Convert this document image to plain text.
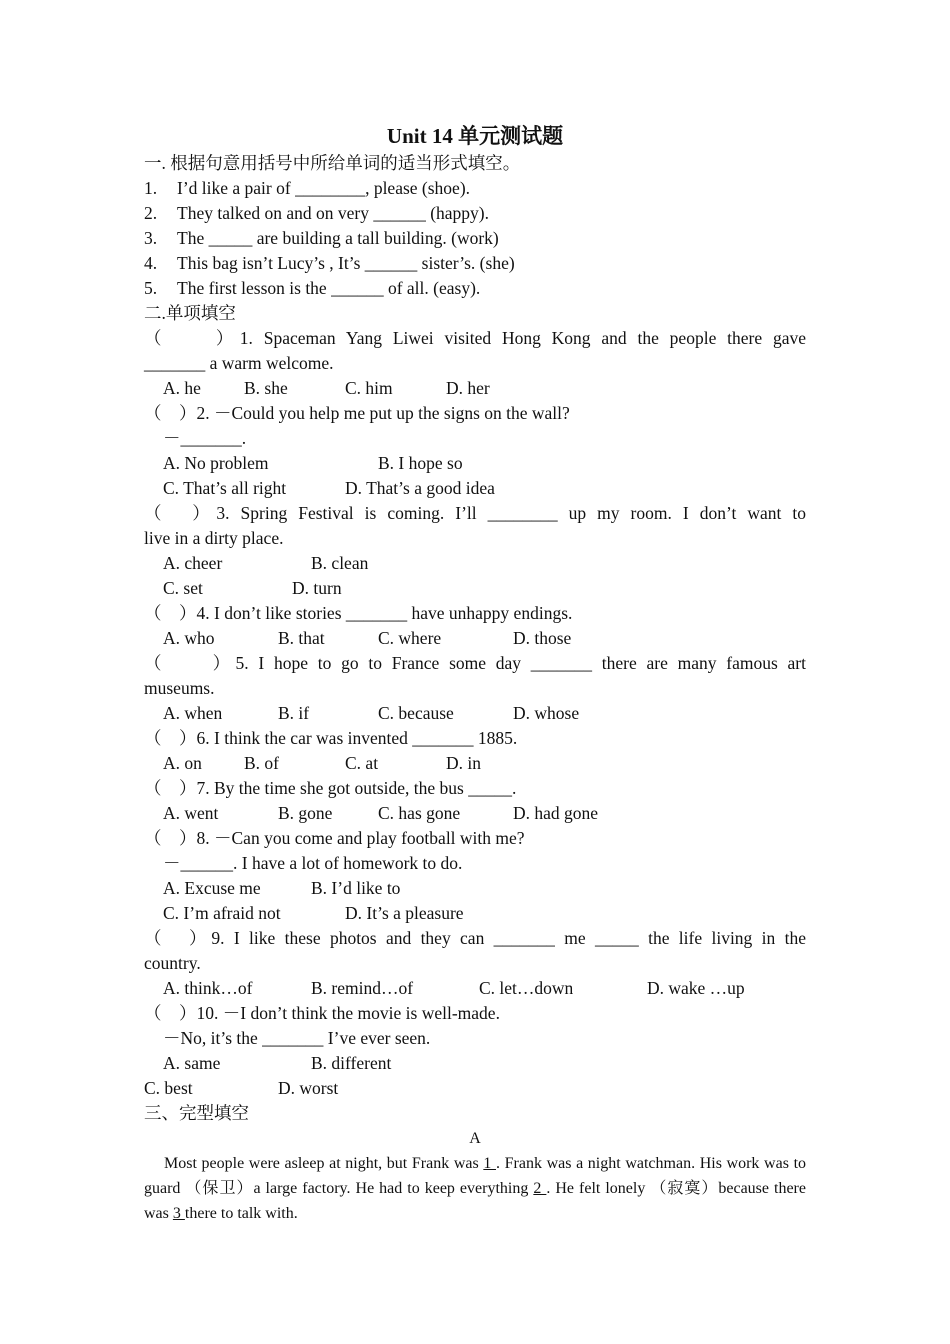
Unit 14 单元测试题
一. 根据句意用括号中所给单词的适当形式填空。
1. I’d like a pair of ________, please (shoe).
2. They talked on and on very ______ (happy).
3. The _____ are building a tall building. (work)
4. This bag isn’t Lucy’s , It’s ______ sister’s. (she)
5. The first lesson is the ______ of all. (easy).
二.单项填空
（　　）1. Spaceman Yang Liwei visited Hong Kong and the people there gave
_______ a warm welcome.
A. he B. she	C. him	D. her
（　）2. －Could you help me put up the signs on the wall?
－_______.
A. No problem	B. I hope so
C. That’s all right	D. That’s a good idea
（　）3. Spring Festival is coming. I’ll ________ up my room. I don’t want to
live in a dirty place.
A. cheer	B. clean
C. set	D. turn
（　）4. I don’t like stories _______ have unhappy endings.
A. who	B. that	C. where	D. those
（　　）5. I hope to go to France some day _______ there are many famous art
museums.
A. when	B. if	C. because	D. whose
（　）6. I think the car was invented _______ 1885.
A. on B. of	C. at	D. in
（　）7. By the time she got outside, the bus _____.
A. went	B. gone	C. has gone	D. had gone
（　）8. －Can you come and play football with me?
－______. I have a lot of homework to do.
A. Excuse me	B. I’d like to
C. I’m afraid not	D. It’s a pleasure
（　）9. I like these photos and they can _______ me _____ the life living in the
country.
A. think…of	B. remind…of	C. let…down	D. wake …up
（　）10. －I don’t think the movie is well-made.
－No, it’s the _______ I’ve ever seen.
A. same	B. different
C. best	D. worst
三、完型填空
A
Most people were asleep at night, but Frank was 1 . Frank was a night watchman. His work was to guard （保卫）a large factory. He had to keep everything 2 . He felt lonely （寂寞）because there was 3 there to talk with.
